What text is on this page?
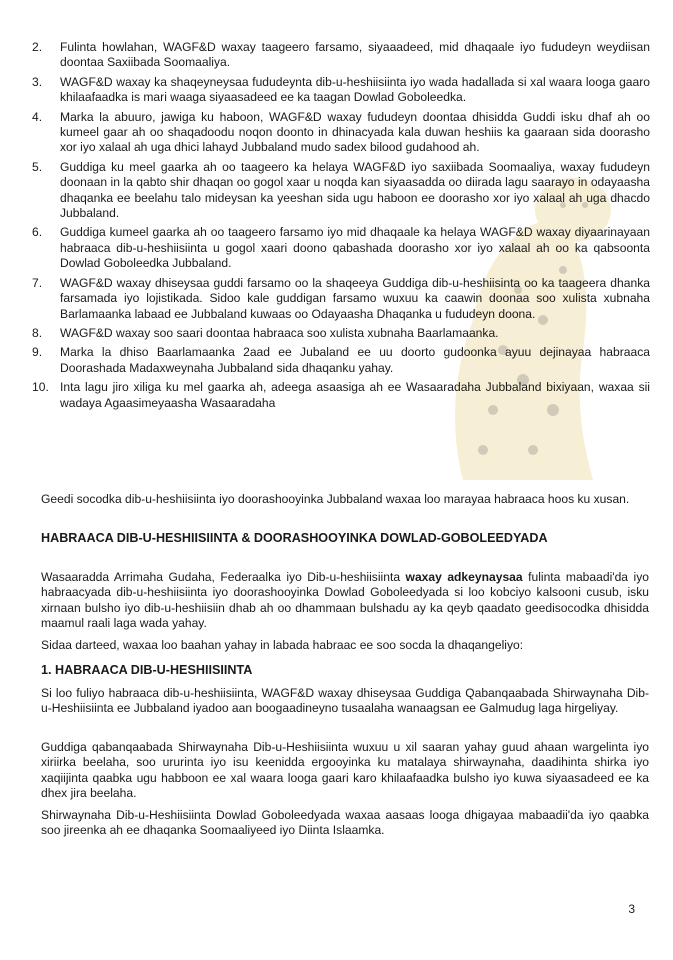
2.	Fulinta howlahan, WAGF&D waxay taageero farsamo, siyaaadeed, mid dhaqaale iyo fududeyn weydiisan doontaa Saxiibada Soomaaliya.
3.	WAGF&D waxay ka shaqeyneysaa fududeynta dib-u-heshiisiinta iyo wada hadallada si xal waara looga gaaro khilaafaadka is mari waaga siyaasadeed ee ka taagan Dowlad Goboleedka.
4.	Marka la abuuro, jawiga ku haboon, WAGF&D waxay fududeyn doontaa dhisidda Guddi isku dhaf ah oo kumeel gaar ah oo shaqadoodu noqon doonto in dhinacyada kala duwan heshiis ka gaaraan sida doorasho xor iyo xalaal ah uga dhici lahayd Jubbaland mudo sadex bilood gudahood ah.
5.	Guddiga ku meel gaarka ah oo taageero ka helaya WAGF&D iyo saxiibada Soomaaliya, waxay fududeyn doonaan in la qabto shir dhaqan oo gogol xaar u noqda kan siyaasadda oo diirada lagu saarayo in odayaasha dhaqanka ee beelahu talo mideysan ka yeeshan sida ugu haboon ee doorasho xor iyo xalaal ah uga dhacdo Jubbaland.
6.	Guddiga kumeel gaarka ah oo taageero farsamo iyo mid dhaqaale ka helaya WAGF&D waxay diyaarinayaan habraaca dib-u-heshiisiinta u gogol xaari doono qabashada doorasho xor iyo xalaal ah oo ka qabsoonta Dowlad Goboleedka Jubbaland.
7.	WAGF&D waxay dhiseysaa guddi farsamo oo la shaqeeya Guddiga dib-u-heshiisinta oo ka taageera dhanka farsamada iyo lojistikada. Sidoo kale guddigan farsamo wuxuu ka caawin doonaa soo xulista xubnaha Barlamaanka labaad ee Jubbaland kuwaas oo Odayaasha Dhaqanka u fududeyn doona.
8.	WAGF&D waxay soo saari doontaa habraaca soo xulista xubnaha Baarlamaanka.
9.	Marka la dhiso Baarlamaanka 2aad ee Jubaland ee uu doorto gudoonka ayuu dejinayaa habraaca Doorashada Madaxweynaha Jubbaland sida dhaqanku yahay.
10. Inta lagu jiro xiliga ku mel gaarka ah, adeega asaasiga ah ee Wasaaradaha Jubbaland bixiyaan, waxaa sii wadaya Agaasimeyaasha Wasaaradaha

Geedi socodka dib-u-heshiisiinta iyo doorashooyinka Jubbaland waxaa loo marayaa habraaca hoos ku xusan.

HABRAACA DIB-U-HESHIISIINTA & DOORASHOOYINKA DOWLAD-GOBOLEEDYADA

Wasaaradda Arrimaha Gudaha, Federaalka iyo Dib-u-heshiisiinta waxay adkeynaysaa fulinta mabaadi'da iyo habraacyada dib-u-heshiisiinta iyo doorashooyinka Dowlad Goboleedyada si loo kobciyo kalsooni cusub, isku xirnaan bulsho iyo dib-u-heshiisiin dhab ah oo dhammaan bulshadu ay ka qeyb qaadato geedisocodka dhisidda maamul raali laga wada yahay.

Sidaa darteed, waxaa loo baahan yahay in labada habraac ee soo socda la dhaqangeliyo:

1. HABRAACA DIB-U-HESHIISIINTA

Si loo fuliyo habraaca dib-u-heshiisiinta, WAGF&D waxay dhiseysaa Guddiga Qabanqaabada Shirwaynaha Dib-u-Heshiisiinta ee Jubbaland iyadoo aan boogaadineyno tusaalaha wanaagsan ee Galmudug laga hirgeliyay.

Guddiga qabanqaabada Shirwaynaha Dib-u-Heshiisiinta wuxuu u xil saaran yahay guud ahaan wargelinta iyo xiriirka beelaha, soo ururinta iyo isu keenidda ergooyinka ku matalaya shirwaynaha, daadihinta shirka iyo xaqiijinta qaabka ugu habboon ee xal waara looga gaari karo khilaafaadka bulsho iyo kuwa siyaasadeed ee ka dhex jira beelaha.

Shirwaynaha Dib-u-Heshiisiinta Dowlad Goboleedyada waxaa aasaas looga dhigayaa mabaadii'da iyo qaabka soo jireenka ah ee dhaqanka Soomaaliyeed iyo Diinta Islaamka.

3
